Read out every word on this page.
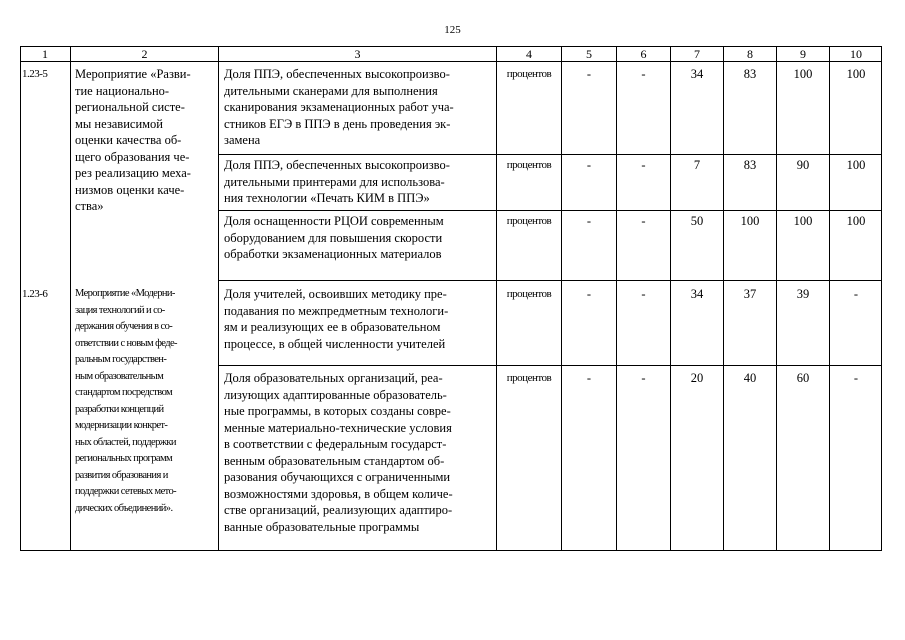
125
1	2	3	4	5	6	7	8	9	10
1.23-5	Мероприятие «Разви-
тие национально-
региональной систе-
мы независимой
оценки качества об-
щего образования че-
рез реализацию меха-
низмов оценки каче-
ства»
Доля ППЭ, обеспеченных высокопроизво-
дительными сканерами для выполнения
сканирования экзаменационных работ уча-
стников ЕГЭ в ППЭ в день проведения эк-
замена
процентов	-	-	34	83	100	100
Доля ППЭ, обеспеченных высокопроизво-
дительными принтерами для использова-
ния технологии «Печать КИМ в ППЭ»
процентов	-	-	7	83	90	100
Доля оснащенности РЦОИ современным
оборудованием для повышения скорости
обработки экзаменационных материалов
процентов	-	-	50	100	100	100
1.23-6	Мероприятие «Модерни-
зация технологий и со-
держания обучения в со-
ответствии с новым феде-
ральным государствен-
ным образовательным
стандартом посредством
разработки концепций
модернизации конкрет-
ных областей, поддержки
региональных программ
развития образования и
поддержки сетевых мето-
дических объединений».
Доля учителей, освоивших методику пре-
подавания по межпредметным технологи-
ям и реализующих ее в образовательном
процессе, в общей численности учителей
процентов	-	-	34	37	39	-
Доля образовательных организаций, реа-
лизующих адаптированные образователь-
ные программы, в которых созданы совре-
менные материально-технические условия
в соответствии с федеральным государст-
венным образовательным стандартом об-
разования обучающихся с ограниченными
возможностями здоровья, в общем количе-
стве организаций, реализующих адаптиро-
ванные образовательные программы
процентов	-	-	20	40	60	-
